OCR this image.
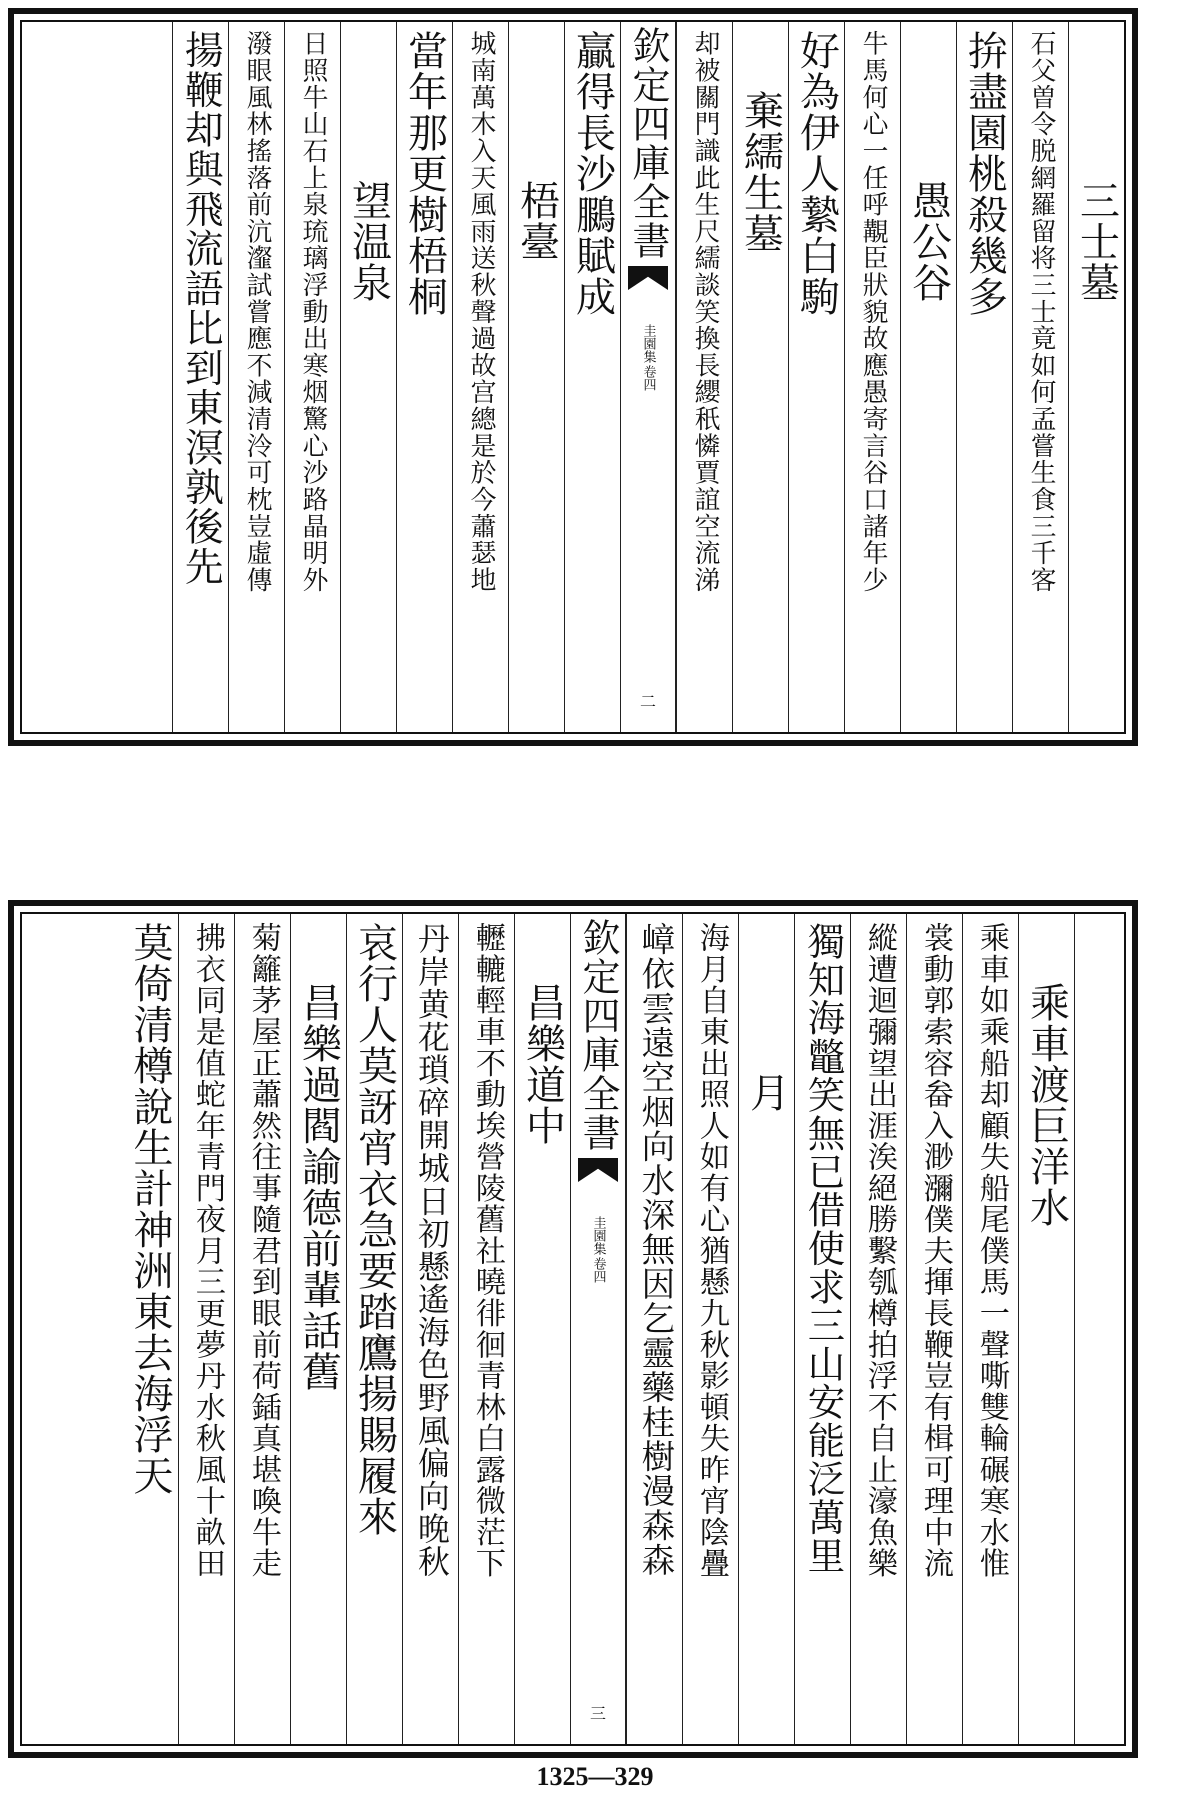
三士墓
石父曽令脱網羅留将三士竟如何孟嘗生食三千客
拚盡園桃殺幾多
愚公谷
牛馬何心一任呼覯臣狀貌故應愚寄言谷口諸年少
好為伊人縶白駒
棄繻生墓
却被關門識此生尺繻談笑換長纓秖憐賈誼空流涕
欽定四庫全書
圭園集
卷四
二
贏得長沙鵩賦成
梧臺
城南萬木入天風雨送秋聲過故宫總是於今蕭瑟地
當年那更樹梧桐
望温泉
日照牛山石上泉琉璃浮動出寒烟驚心沙路晶明外
潑眼風林搖落前沆瀣試嘗應不減清泠可枕豈虛傳
揚鞭却與飛流語比到東溟孰後先
乘車渡巨洋水
乘車如乘船却顧失船尾僕馬一聲嘶雙輪碾寒水惟
裳動郭索容畚入渺瀰僕夫揮長鞭豈有楫可理中流
縱遭迴彌望出涯涘絕勝繫瓠樽拍浮不自止濠魚樂
獨知海鼈笑無已借使求三山安能泛萬里
月
海月自東出照人如有心猶懸九秋影頓失昨宵陰疊
嶂依雲遠空烟向水深無因乞靈藥桂樹漫森森
欽定四庫全書
圭園集
卷四
三
昌樂道中
轣轆輕車不動埃營陵舊社曉徘徊青林白露微茫下
丹岸黄花瑣碎開城日初懸遙海色野風偏向晚秋
哀行人莫訝宵衣急要踏鷹揚賜履來
昌樂過閻諭德前輩話舊
菊籬茅屋正蕭然往事隨君到眼前荷鍤真堪喚牛走
拂衣同是值蛇年青門夜月三更夢丹水秋風十畝田
莫倚清樽說生計神洲東去海浮天
1325—329
